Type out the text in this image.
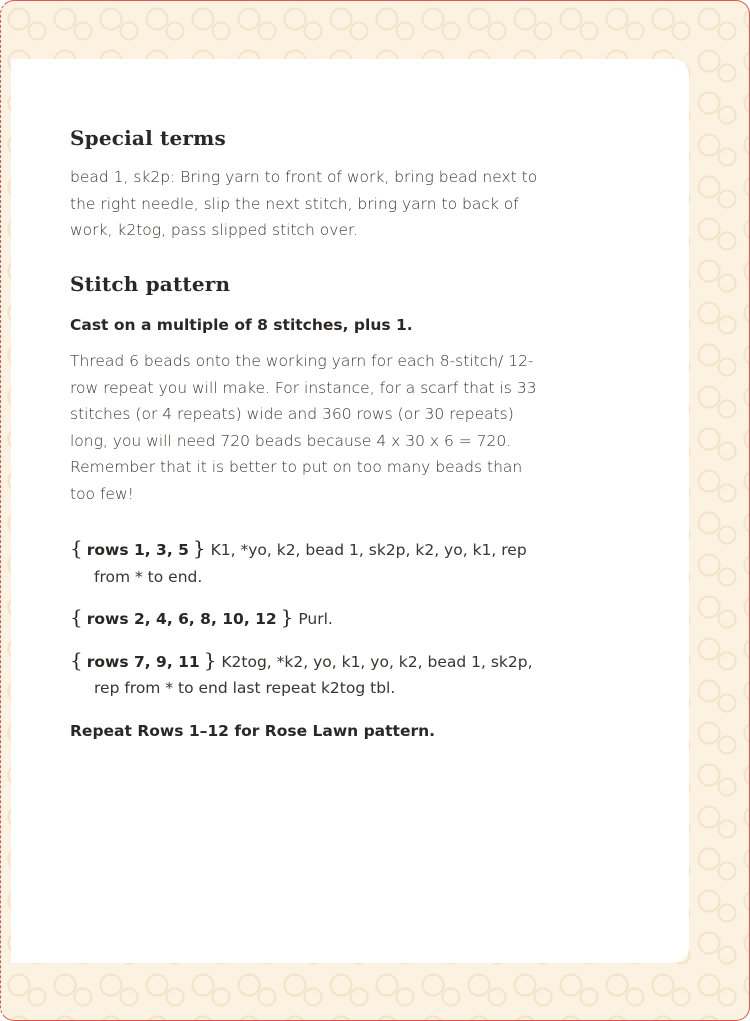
Special terms

bead 1, sk2p: Bring yarn to front of work, bring bead next to the right needle, slip the next stitch, bring yarn to back of work, k2tog, pass slipped stitch over.

Stitch pattern

Cast on a multiple of 8 stitches, plus 1.

Thread 6 beads onto the working yarn for each 8-stitch/ 12-row repeat you will make. For instance, for a scarf that is 33 stitches (or 4 repeats) wide and 360 rows (or 30 repeats) long, you will need 720 beads because 4 x 30 x 6 = 720. Remember that it is better to put on too many beads than too few!

{ rows 1, 3, 5 } K1, *yo, k2, bead 1, sk2p, k2, yo, k1, rep from * to end.
{ rows 2, 4, 6, 8, 10, 12 } Purl.
{ rows 7, 9, 11 } K2tog, *k2, yo, k1, yo, k2, bead 1, sk2p, rep from * to end last repeat k2tog tbl.

Repeat Rows 1–12 for Rose Lawn pattern.
